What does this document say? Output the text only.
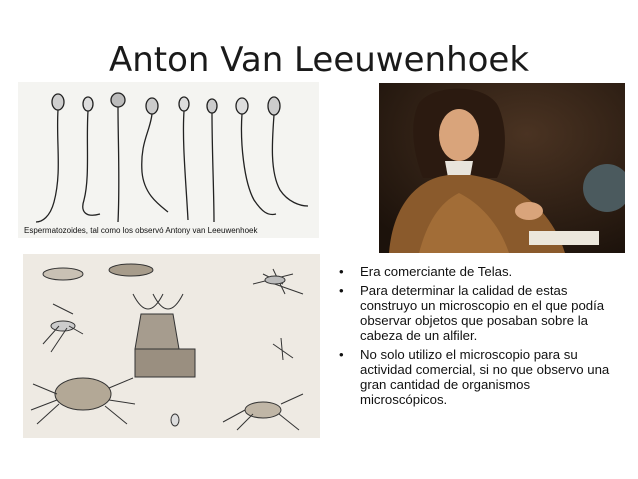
Anton Van Leeuwenhoek
Espermatozoides, tal como los observó Antony van Leeuwenhoek
• Era comerciante de Telas.
• Para determinar la calidad de estas construyo un microscopio en el que podía observar objetos que posaban sobre la cabeza de un alfiler.
• No solo utilizo el microscopio para su actividad comercial, si no que observo una gran cantidad de organismos microscópicos.
